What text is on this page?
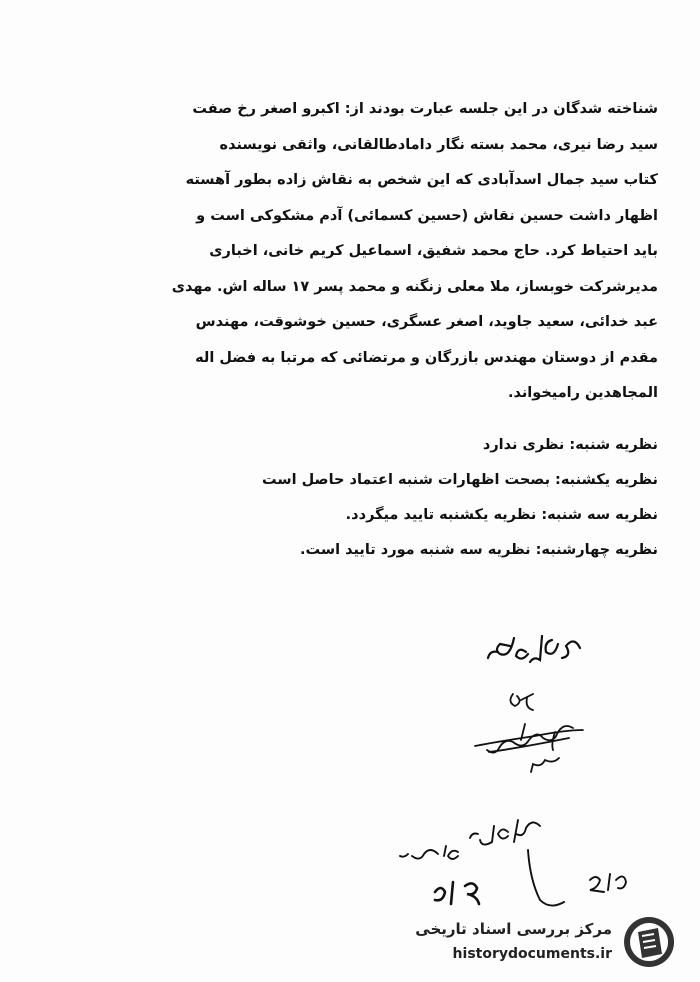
شناخته شدگان در این جلسه عبارت بودند از: اکبرو اصغر رخ صفت
سید رضا نیری، محمد بسته نگار دامادطالقانی، واثقی نویسنده
کتاب سید جمال اسدآبادی که این شخص به نقاش زاده بطور آهسته
اظهار داشت حسین نقاش (حسین کسمائی) آدم مشکوکی است و
باید احتیاط کرد. حاج محمد شفیق، اسماعیل کریم خانی، اخباری
مدیرشرکت خوبساز، ملا معلی زنگنه و محمد پسر ۱۷ ساله اش. مهدی
عبد خدائی، سعید جاوید، اصغر عسگری، حسین خوشوقت، مهندس
مقدم از دوستان مهندس بازرگان و مرتضائی که مرتبا به فضل اله
المجاهدین رامیخواند.
نظریه شنبه: نظری ندارد
نظریه یکشنبه: بصحت اظهارات شنبه اعتماد حاصل است
نظریه سه شنبه: نظریه یکشنبه تایید میگردد.
نظریه چهارشنبه: نظریه سه شنبه مورد تایید است.
مرکز بررسی اسناد تاریخی
historydocuments.ir
